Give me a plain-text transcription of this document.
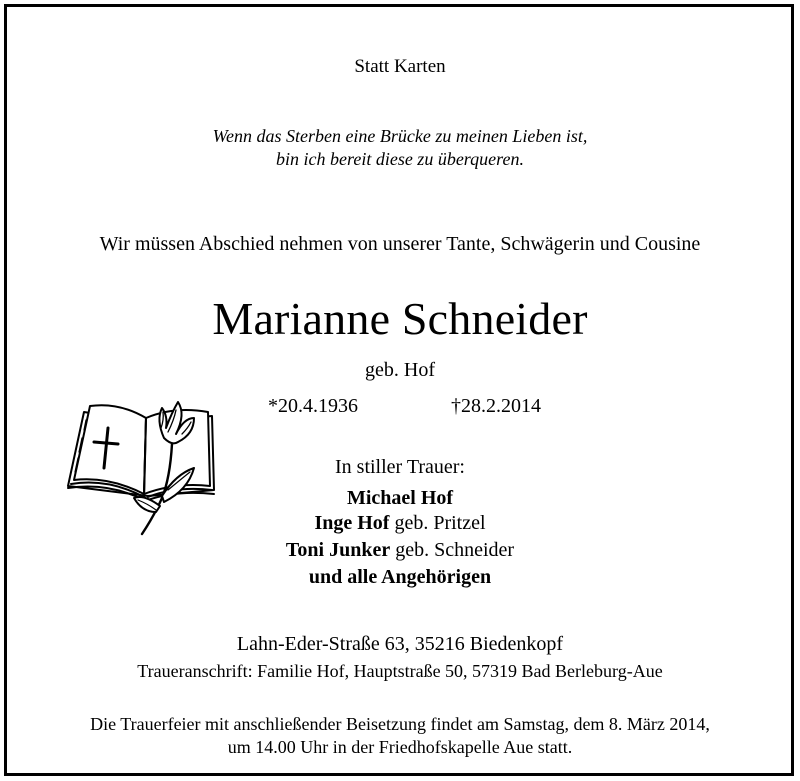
Statt Karten
Wenn das Sterben eine Brücke zu meinen Lieben ist,
bin ich bereit diese zu überqueren.
Wir müssen Abschied nehmen von unserer Tante, Schwägerin und Cousine
Marianne Schneider
geb. Hof
*20.4.1936	†28.2.2014
In stiller Trauer:
Michael Hof
Inge Hof geb. Pritzel
Toni Junker geb. Schneider
und alle Angehörigen
Lahn-Eder-Straße 63, 35216 Biedenkopf
Traueranschrift: Familie Hof, Hauptstraße 50, 57319 Bad Berleburg-Aue
Die Trauerfeier mit anschließender Beisetzung findet am Samstag, dem 8. März 2014,
um 14.00 Uhr in der Friedhofskapelle Aue statt.
